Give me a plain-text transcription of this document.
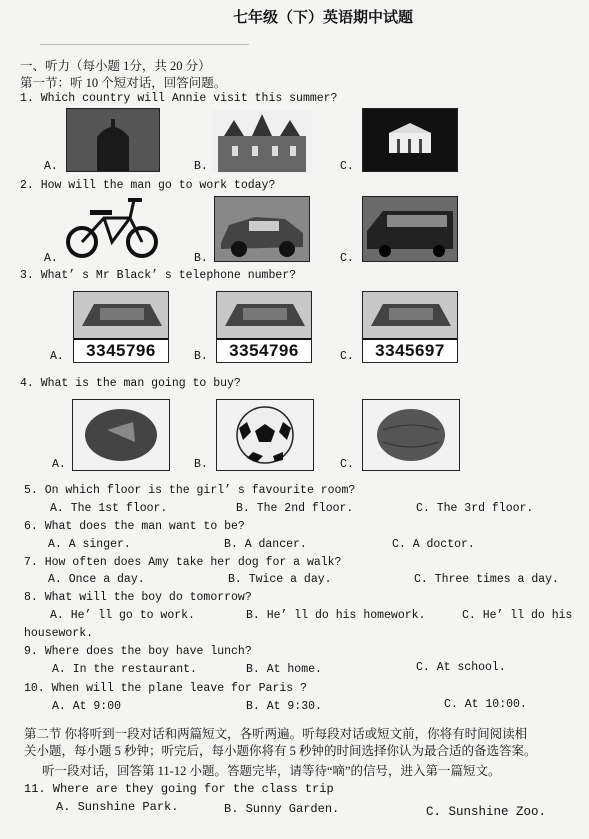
七年级（下）英语期中试题
一、听力（每小题 1分，共 20 分）
第一节：听 10 个短对话，回答问题。
1. Which country will Annie visit this summer?
A.	B.	C.
2. How will the man go to work today?
A.	B.	C.
3. What’ s Mr Black’ s telephone number?
A.	3345796	B.	3354796	C.	3345697
4. What is the man going to buy?
A.	B.	C.
5. On which floor is the girl’ s favourite room?
A. The 1st floor.	B. The 2nd floor.	C. The 3rd floor.
6. What does the man want to be?
A. A singer.	B. A dancer.	C. A doctor.
7. How often does Amy take her dog for a walk?
A. Once a day.	B. Twice a day.	C. Three times a day.
8. What will the boy do tomorrow?
A. He’ ll go to work.	B. He’ ll do his homework.	C. He’ ll do his
housework.
9. Where does the boy have lunch?
A. In the restaurant.	B. At home.	C. At school.
10. When will the plane leave for Paris ?
A. At 9:00	B. At 9:30.	C. At 10:00.
第二节 你将听到一段对话和两篇短文，各听两遍。听每段对话或短文前，你将有时间阅读相
关小题，每小题 5 秒钟；听完后，每小题你将有 5 秒钟的时间选择你认为最合适的备选答案。
听一段对话，回答第 11-12 小题。答题完毕，请等待“嘀”的信号，进入第一篇短文。
11. Where are they going for the class trip
A. Sunshine Park.	B. Sunny Garden.	C. Sunshine Zoo.
